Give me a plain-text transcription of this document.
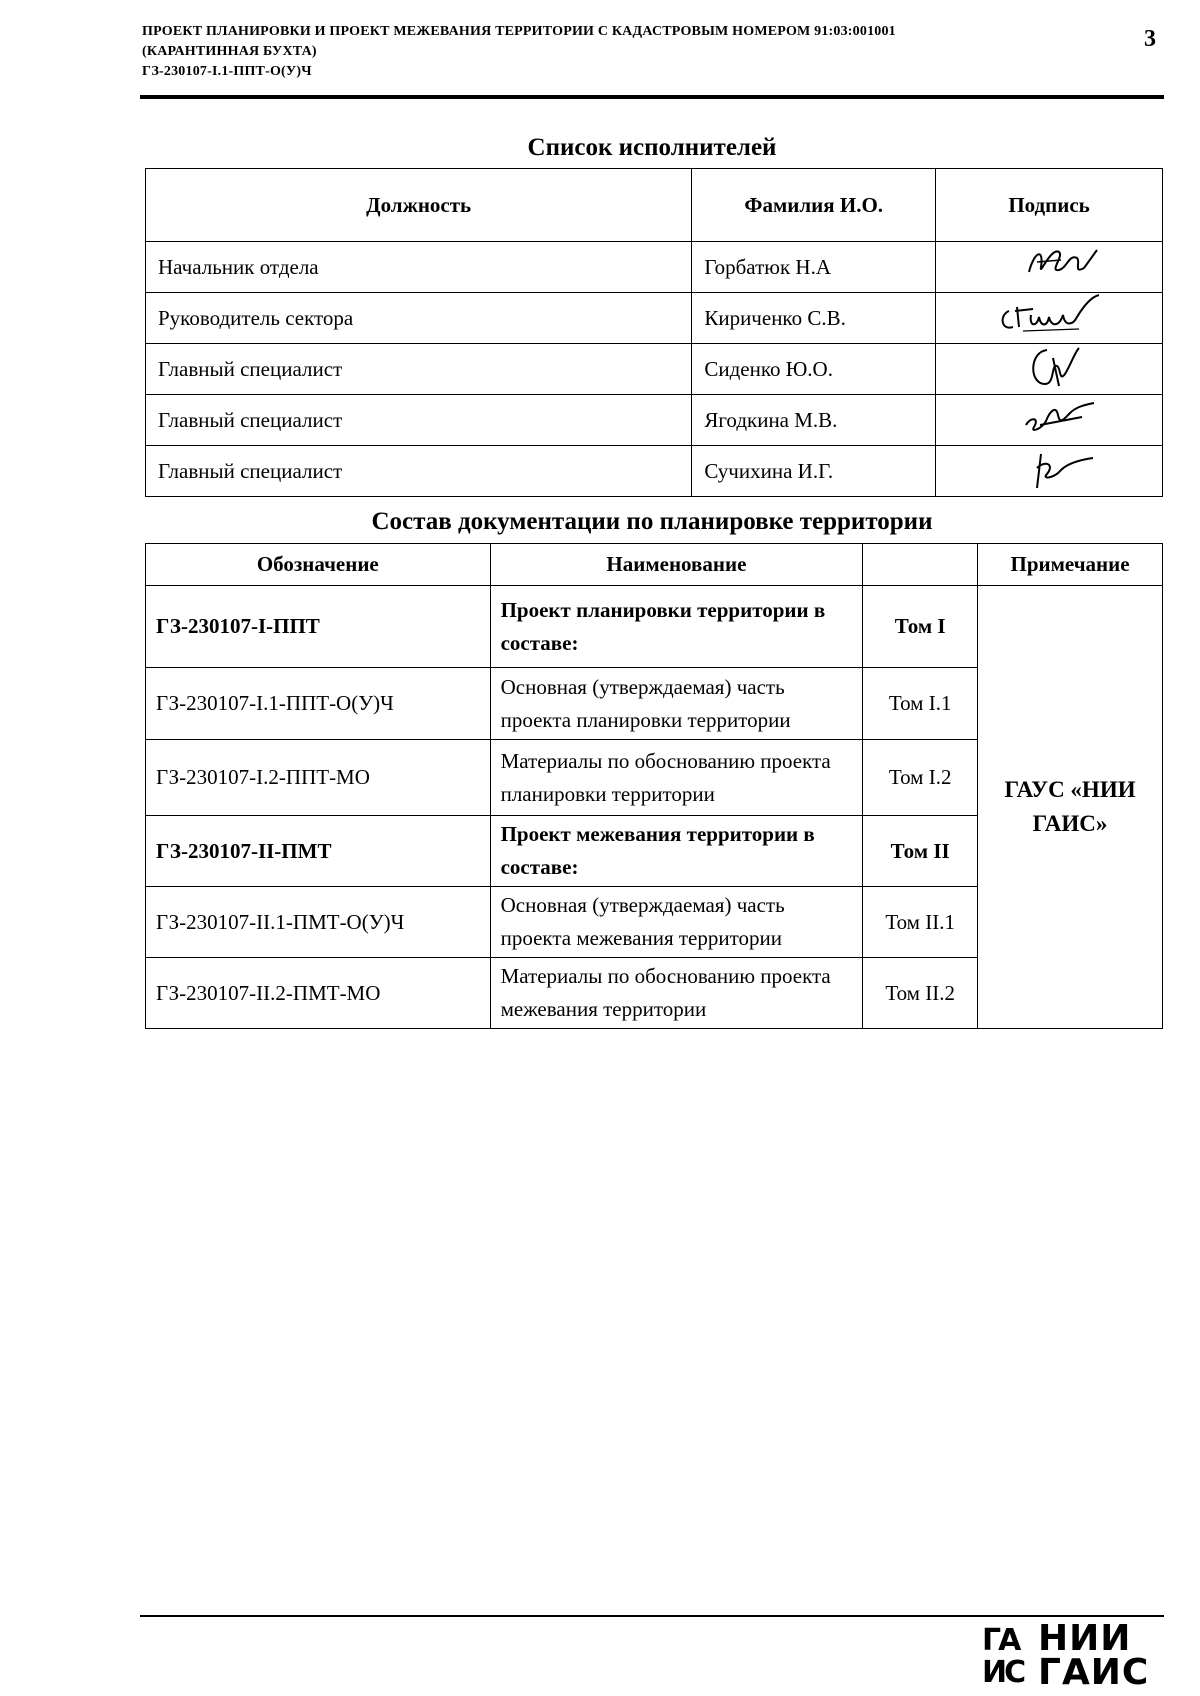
ПРОЕКТ ПЛАНИРОВКИ И ПРОЕКТ МЕЖЕВАНИЯ ТЕРРИТОРИИ С КАДАСТРОВЫМ НОМЕРОМ 91:03:001001
(КАРАНТИННАЯ БУХТА)
ГЗ-230107-I.1-ППТ-О(У)Ч
3
Список исполнителей
Должность	Фамилия И.О.	Подпись
Начальник отдела	Горбатюк Н.А	
Руководитель сектора	Кириченко С.В.	
Главный специалист	Сиденко Ю.О.	
Главный специалист	Ягодкина М.В.	
Главный специалист	Сучихина И.Г.	
Состав документации по планировке территории
Обозначение	Наименование		Примечание
ГЗ-230107-I-ППТ	Проект планировки территории в составе:	Том I	ГАУС «НИИ ГАИС»
ГЗ-230107-I.1-ППТ-О(У)Ч	Основная (утверждаемая) часть проекта планировки территории	Том I.1	
ГЗ-230107-I.2-ППТ-МО	Материалы по обоснованию проекта планировки территории	Том I.2	
ГЗ-230107-II-ПМТ	Проект межевания территории в составе:	Том II	
ГЗ-230107-II.1-ПМТ-О(У)Ч	Основная (утверждаемая) часть проекта межевания территории	Том II.1	
ГЗ-230107-II.2-ПМТ-МО	Материалы по обоснованию проекта межевания территории	Том II.2	
ГА
ИС
НИИ
ГАИС
